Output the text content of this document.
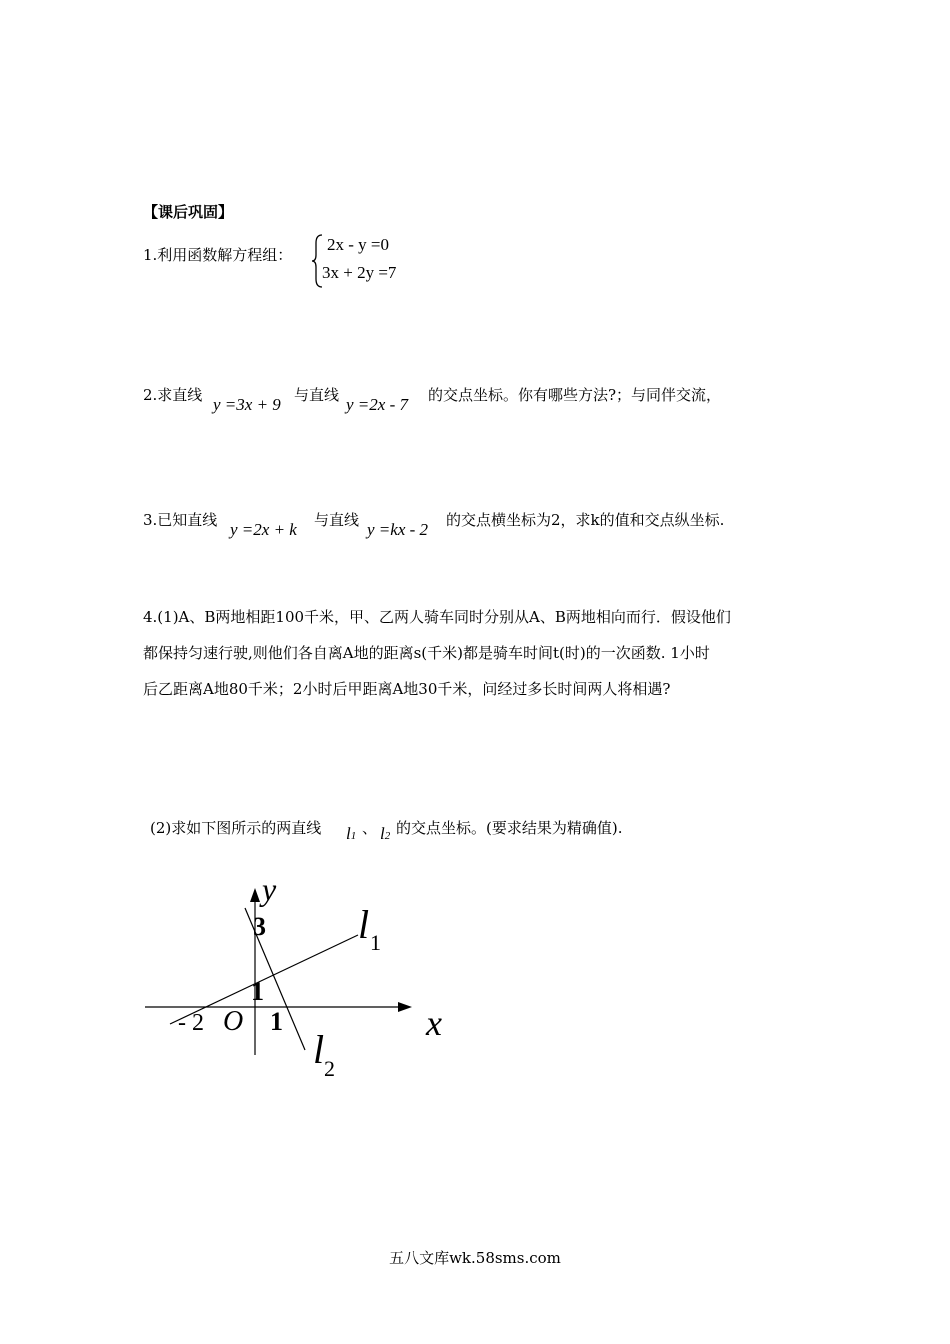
【课后巩固】
1.利用函数解方程组：
2x - y =0
3x + 2y =7
2.求直线 y =3x + 9 与直线 y =2x - 7 的交点坐标。你有哪些方法?；与同伴交流，
3.已知直线 y =2x + k 与直线 y =kx - 2 的交点横坐标为2，求k的值和交点纵坐标.
4.(1)A、B两地相距100千米，甲、乙两人骑车同时分别从A、B两地相向而行．假设他们
都保持匀速行驶,则他们各自离A地的距离s(千米)都是骑车时间t(时)的一次函数. 1小时
后乙距离A地80千米；2小时后甲距离A地30千米，问经过多长时间两人将相遇?
(2)求如下图所示的两直线 l1 、 l2 的交点坐标。(要求结果为精确值).
y
x
3
1
- 2 O 1
l 1
l 2
五八文库wk.58sms.com
